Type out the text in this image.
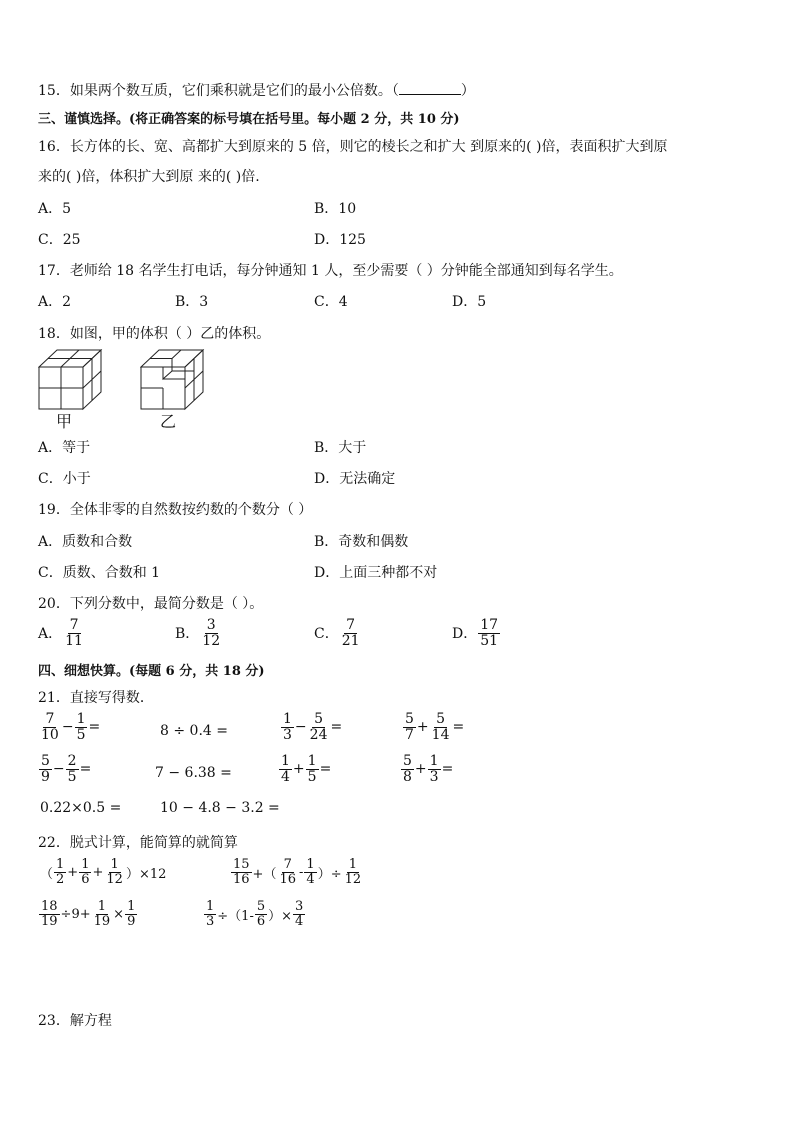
15．如果两个数互质，它们乘积就是它们的最小公倍数。（	）
三、谨慎选择。(将正确答案的标号填在括号里。每小题 2 分，共 10 分)
16．长方体的长、宽、高都扩大到原来的 5 倍，则它的棱长之和扩大 到原来的( )倍，表面积扩大到原
来的( )倍，体积扩大到原 来的( )倍.
A．5	B．10
C．25	D．125
17．老师给 18 名学生打电话，每分钟通知 1 人，至少需要（ ）分钟能全部通知到每名学生。
A．2	B．3	C．4	D．5
18．如图，甲的体积（ ）乙的体积。
甲	乙
A．等于	B．大于
C．小于	D．无法确定
19．全体非零的自然数按约数的个数分（ ）
A．质数和合数	B．奇数和偶数
C．质数、合数和 1	D．上面三种都不对
20．下列分数中，最简分数是（ ）。
A． $\frac{7}{11}$	B． $\frac{3}{12}$	C． $\frac{7}{21}$	D． $\frac{17}{51}$
四、细想快算。(每题 6 分，共 18 分)
21．直接写得数．
$\frac{7}{10} - \frac{1}{5}$ =	8 ÷ 0.4 =	$\frac{1}{3} - \frac{5}{24}$ =	$\frac{5}{7} + \frac{5}{14}$ =
$\frac{5}{9} - \frac{2}{5}$ =	7 − 6.38 =	$\frac{1}{4} + \frac{1}{5}$ =	$\frac{5}{8} + \frac{1}{3}$ =
0.22×0.5 =	10 − 4.8 − 3.2 =
22．脱式计算，能简算的就简算
（ $\frac{1}{2} + \frac{1}{6} + \frac{1}{12} )\times 12$	$\frac{15}{16}$ +（ $\frac{7}{16} - \frac{1}{4}$ ）÷ $\frac{1}{12}$
$\frac{18}{19} \div 9+ \frac{1}{19} \times \frac{1}{9}$	$\frac{1}{3} \div(1- \frac{5}{6}$ ）× $\frac{3}{4}$
23．解方程
